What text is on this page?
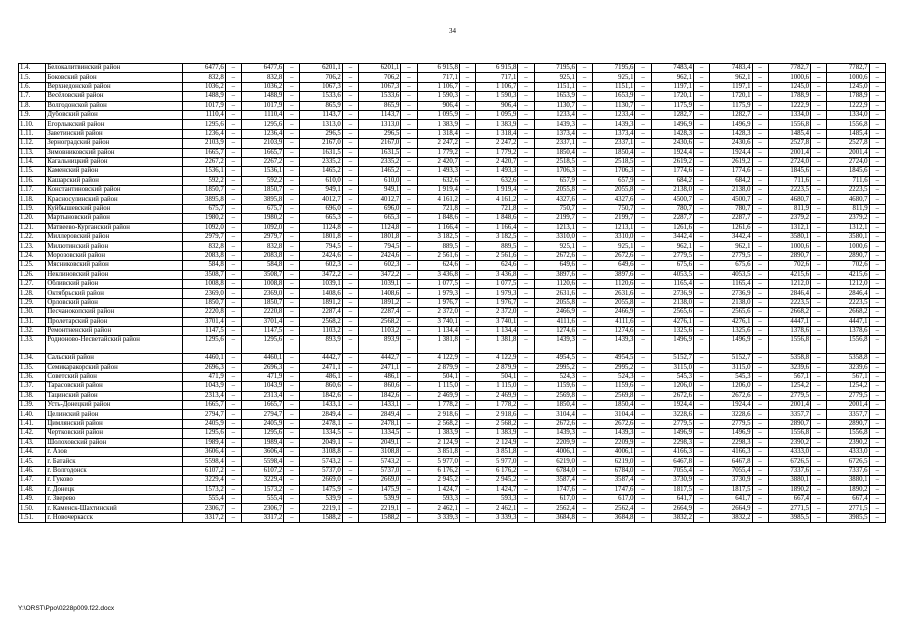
34
1.4.	Белокалитвинский район	6477,6	–	6477,6	–	6201,1	–	6201,1	–	6 915,8	–	6 915,8	–	7195,6	–	7195,6	–	7483,4	–	7483,4	–	7782,7	–	7782,7	–
1.5.	Боковский район	832,8	–	832,8	–	706,2	–	706,2	–	717,1	–	717,1	–	925,1	–	925,1	–	962,1	–	962,1	–	1000,6	–	1000,6	–
1.6.	Верхнедонской район	1036,2	–	1036,2	–	1067,3	–	1067,3	–	1 106,7	–	1 106,7	–	1151,1	–	1151,1	–	1197,1	–	1197,1	–	1245,0	–	1245,0	–
1.7.	Весёловский район	1488,9	–	1488,9	–	1533,6	–	1533,6	–	1 590,3	–	1 590,3	–	1653,9	–	1653,9	–	1720,1	–	1720,1	–	1788,9	–	1788,9	–
1.8.	Волгодонской район	1017,9	–	1017,9	–	865,9	–	865,9	–	906,4	–	906,4	–	1130,7	–	1130,7	–	1175,9	–	1175,9	–	1222,9	–	1222,9	–
1.9.	Дубовский район	1110,4	–	1110,4	–	1143,7	–	1143,7	–	1 095,9	–	1 095,9	–	1233,4	–	1233,4	–	1282,7	–	1282,7	–	1334,0	–	1334,0	–
1.10.	Егорлыкский район	1295,6	–	1295,6	–	1313,0	–	1313,0	–	1 383,9	–	1 383,9	–	1439,3	–	1439,3	–	1496,9	–	1496,9	–	1556,8	–	1556,8	–
1.11.	Заветинский район	1236,4	–	1236,4	–	296,5	–	296,5	–	1 318,4	–	1 318,4	–	1373,4	–	1373,4	–	1428,3	–	1428,3	–	1485,4	–	1485,4	–
1.12.	Зерноградский район	2103,9	–	2103,9	–	2167,0	–	2167,0	–	2 247,2	–	2 247,2	–	2337,1	–	2337,1	–	2430,6	–	2430,6	–	2527,8	–	2527,8	–
1.13.	Зимовниковский район	1665,7	–	1665,7	–	1631,5	–	1631,5	–	1 779,2	–	1 779,2	–	1850,4	–	1850,4	–	1924,4	–	1924,4	–	2001,4	–	2001,4	–
1.14.	Кагальницкий район	2267,2	–	2267,2	–	2335,2	–	2335,2	–	2 420,7	–	2 420,7	–	2518,5	–	2518,5	–	2619,2	–	2619,2	–	2724,0	–	2724,0	–
1.15.	Каменский район	1536,1	–	1536,1	–	1465,2	–	1465,2	–	1 493,3	–	1 493,3	–	1706,3	–	1706,3	–	1774,6	–	1774,6	–	1845,6	–	1845,6	–
1.16.	Кашарский район	592,2	–	592,2	–	610,0	–	610,0	–	632,6	–	632,6	–	657,9	–	657,9	–	684,2	–	684,2	–	711,6	–	711,6	–
1.17.	Константиновский район	1850,7	–	1850,7	–	949,1	–	949,1	–	1 919,4	–	1 919,4	–	2055,8	–	2055,8	–	2138,0	–	2138,0	–	2223,5	–	2223,5	–
1.18.	Красносулинский район	3895,8	–	3895,8	–	4012,7	–	4012,7	–	4 161,2	–	4 161,2	–	4327,6	–	4327,6	–	4500,7	–	4500,7	–	4680,7	–	4680,7	–
1.19.	Куйбышевский район	675,7	–	675,7	–	696,0	–	696,0	–	721,8	–	721,8	–	750,7	–	750,7	–	780,7	–	780,7	–	811,9	–	811,9	–
1.20.	Мартыновский район	1980,2	–	1980,2	–	665,3	–	665,3	–	1 848,6	–	1 848,6	–	2199,7	–	2199,7	–	2287,7	–	2287,7	–	2379,2	–	2379,2	–
1.21.	Матвеево-Курганский район	1092,0	–	1092,0	–	1124,8	–	1124,8	–	1 166,4	–	1 166,4	–	1213,1	–	1213,1	–	1261,6	–	1261,6	–	1312,1	–	1312,1	–
1.22.	Миллеровский район	2979,7	–	2979,7	–	1801,8	–	1801,8	–	3 182,5	–	3 182,5	–	3310,0	–	3310,0	–	3442,4	–	3442,4	–	3580,1	–	3580,1	–
1.23.	Милютинский район	832,8	–	832,8	–	794,5	–	794,5	–	889,5	–	889,5	–	925,1	–	925,1	–	962,1	–	962,1	–	1000,6	–	1000,6	–
1.24.	Морозовский район	2083,8	–	2083,8	–	2424,6	–	2424,6	–	2 561,6	–	2 561,6	–	2672,6	–	2672,6	–	2779,5	–	2779,5	–	2890,7	–	2890,7	–
1.25.	Мясниковский район	584,8	–	584,8	–	602,3	–	602,3	–	624,6	–	624,6	–	649,6	–	649,6	–	675,6	–	675,6	–	702,6	–	702,6	–
1.26.	Неклиновский район	3508,7	–	3508,7	–	3472,2	–	3472,2	–	3 436,8	–	3 436,8	–	3897,6	–	3897,6	–	4053,5	–	4053,5	–	4215,6	–	4215,6	–
1.27.	Обливский район	1008,8	–	1008,8	–	1039,1	–	1039,1	–	1 077,5	–	1 077,5	–	1120,6	–	1120,6	–	1165,4	–	1165,4	–	1212,0	–	1212,0	–
1.28.	Октябрьский район	2369,0	–	2369,0	–	1408,6	–	1408,6	–	1 979,3	–	1 979,3	–	2631,6	–	2631,6	–	2736,9	–	2736,9	–	2846,4	–	2846,4	–
1.29.	Орловский район	1850,7	–	1850,7	–	1891,2	–	1891,2	–	1 976,7	–	1 976,7	–	2055,8	–	2055,8	–	2138,0	–	2138,0	–	2223,5	–	2223,5	–
1.30.	Песчанокопский район	2220,8	–	2220,8	–	2287,4	–	2287,4	–	2 372,0	–	2 372,0	–	2466,9	–	2466,9	–	2565,6	–	2565,6	–	2668,2	–	2668,2	–
1.31.	Пролетарский район	3701,4	–	3701,4	–	2568,2	–	2568,2	–	3 740,1	–	3 740,1	–	4111,6	–	4111,6	–	4276,1	–	4276,1	–	4447,1	–	4447,1	–
1.32.	Ремонтненский район	1147,5	–	1147,5	–	1103,2	–	1103,2	–	1 134,4	–	1 134,4	–	1274,6	–	1274,6	–	1325,6	–	1325,6	–	1378,6	–	1378,6	–
1.33.	Родионово-Несветайский район	1295,6	–	1295,6	–	893,9	–	893,9	–	1 381,8	–	1 381,8	–	1439,3	–	1439,3	–	1496,9	–	1496,9	–	1556,8	–	1556,8	–
1.34.	Сальский район	4460,1	–	4460,1	–	4442,7	–	4442,7	–	4 122,9	–	4 122,9	–	4954,5	–	4954,5	–	5152,7	–	5152,7	–	5358,8	–	5358,8	–
1.35.	Семикаракорский район	2696,3	–	2696,3	–	2471,1	–	2471,1	–	2 879,9	–	2 879,9	–	2995,2	–	2995,2	–	3115,0	–	3115,0	–	3239,6	–	3239,6	–
1.36.	Советский район	471,9	–	471,9	–	486,1	–	486,1	–	504,1	–	504,1	–	524,3	–	524,3	–	545,3	–	545,3	–	567,1	–	567,1	–
1.37.	Тарасовский район	1043,9	–	1043,9	–	860,6	–	860,6	–	1 115,0	–	1 115,0	–	1159,6	–	1159,6	–	1206,0	–	1206,0	–	1254,2	–	1254,2	–
1.38.	Тацинский район	2313,4	–	2313,4	–	1842,6	–	1842,6	–	2 469,9	–	2 469,9	–	2569,8	–	2569,8	–	2672,6	–	2672,6	–	2779,5	–	2779,5	–
1.39.	Усть-Донецкий район	1665,7	–	1665,7	–	1433,1	–	1433,1	–	1 778,2	–	1 778,2	–	1850,4	–	1850,4	–	1924,4	–	1924,4	–	2001,4	–	2001,4	–
1.40.	Целинский район	2794,7	–	2794,7	–	2849,4	–	2849,4	–	2 918,6	–	2 918,6	–	3104,4	–	3104,4	–	3228,6	–	3228,6	–	3357,7	–	3357,7	–
1.41.	Цимлянский район	2405,9	–	2405,9	–	2478,1	–	2478,1	–	2 568,2	–	2 568,2	–	2672,6	–	2672,6	–	2779,5	–	2779,5	–	2890,7	–	2890,7	–
1.42.	Чертковский район	1295,6	–	1295,6	–	1334,5	–	1334,5	–	1 383,9	–	1 383,9	–	1439,3	–	1439,3	–	1496,9	–	1496,9	–	1556,8	–	1556,8	–
1.43.	Шолоховский район	1989,4	–	1989,4	–	2049,1	–	2049,1	–	2 124,9	–	2 124,9	–	2209,9	–	2209,9	–	2298,3	–	2298,3	–	2390,2	–	2390,2	–
1.44.	г. Азов	3606,4	–	3606,4	–	3108,8	–	3108,8	–	3 851,8	–	3 851,8	–	4006,1	–	4006,1	–	4166,3	–	4166,3	–	4333,0	–	4333,0	–
1.45.	г. Батайск	5598,4	–	5598,4	–	5743,2	–	5743,2	–	5 977,0	–	5 977,0	–	6219,0	–	6219,0	–	6467,8	–	6467,8	–	6726,5	–	6726,5	–
1.46.	г. Волгодонск	6107,2	–	6107,2	–	5737,0	–	5737,0	–	6 176,2	–	6 176,2	–	6784,0	–	6784,0	–	7055,4	–	7055,4	–	7337,6	–	7337,6	–
1.47.	г. Гуково	3229,4	–	3229,4	–	2669,0	–	2669,0	–	2 945,2	–	2 945,2	–	3587,4	–	3587,4	–	3730,9	–	3730,9	–	3880,1	–	3880,1	–
1.48.	г. Донецк	1573,2	–	1573,2	–	1475,9	–	1475,9	–	1 424,7	–	1 424,7	–	1747,6	–	1747,6	–	1817,5	–	1817,5	–	1890,2	–	1890,2	–
1.49.	г. Зверево	555,4	–	555,4	–	539,9	–	539,9	–	593,3	–	593,3	–	617,0	–	617,0	–	641,7	–	641,7	–	667,4	–	667,4	–
1.50.	г. Каменск-Шахтинский	2306,7	–	2306,7	–	2219,1	–	2219,1	–	2 462,1	–	2 462,1	–	2562,4	–	2562,4	–	2664,9	–	2664,9	–	2771,5	–	2771,5	–
1.51.	г. Новочеркасск	3317,2	–	3317,2	–	1588,2	–	1588,2	–	3 339,3	–	3 339,3	–	3684,8	–	3684,8	–	3832,2	–	3832,2	–	3985,5	–	3985,5	–
Y:\ORST\Ppo\0228p009.f22.docx
